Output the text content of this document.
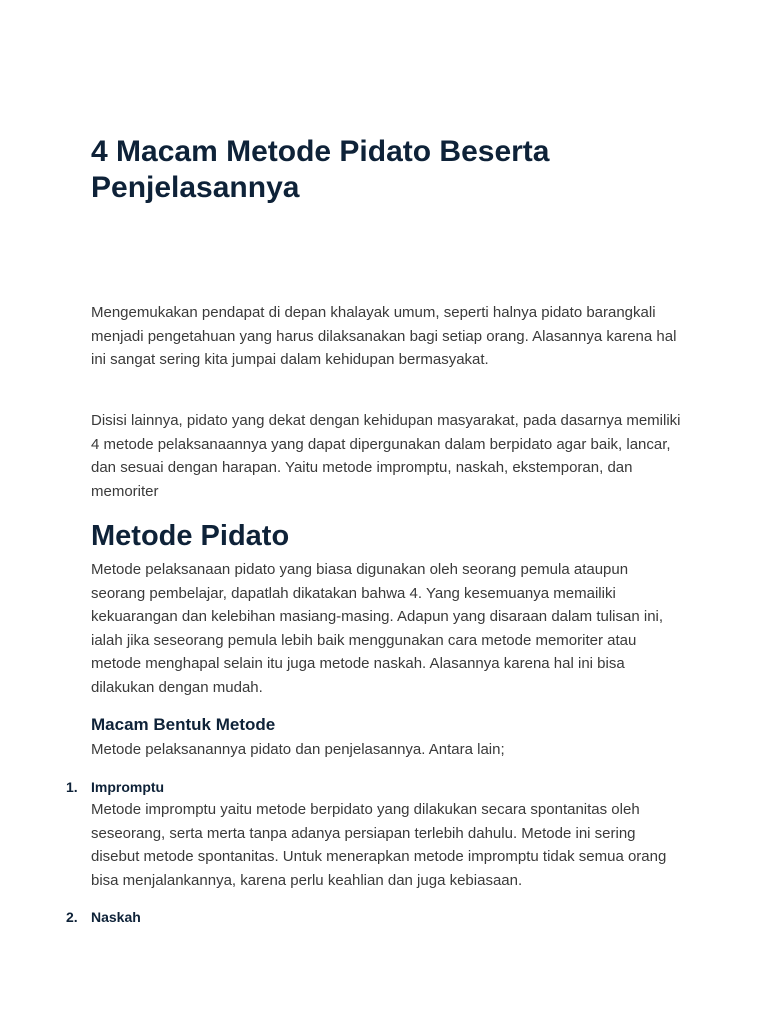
4 Macam Metode Pidato Beserta Penjelasannya

Mengemukakan pendapat di depan khalayak umum, seperti halnya pidato barangkali menjadi pengetahuan yang harus dilaksanakan bagi setiap orang. Alasannya karena hal ini sangat sering kita jumpai dalam kehidupan bermasyakat.

Disisi lainnya, pidato yang dekat dengan kehidupan masyarakat, pada dasarnya memiliki 4 metode pelaksanaannya yang dapat dipergunakan dalam berpidato agar baik, lancar, dan sesuai dengan harapan. Yaitu metode impromptu, naskah, ekstemporan, dan memoriter

Metode Pidato

Metode pelaksanaan pidato yang biasa digunakan oleh seorang pemula ataupun seorang pembelajar, dapatlah dikatakan bahwa 4. Yang kesemuanya memailiki kekuarangan dan kelebihan masiang-masing. Adapun yang disaraan dalam tulisan ini, ialah jika seseorang pemula lebih baik menggunakan cara metode memoriter atau metode menghapal selain itu juga metode naskah. Alasannya karena hal ini bisa dilakukan dengan mudah.

Macam Bentuk Metode

Metode pelaksanannya pidato dan penjelasannya. Antara lain;

1. Impromptu

Metode impromptu yaitu metode berpidato yang dilakukan secara spontanitas oleh seseorang, serta merta tanpa adanya persiapan terlebih dahulu. Metode ini sering disebut metode spontanitas. Untuk menerapkan metode impromptu tidak semua orang bisa menjalankannya, karena perlu keahlian dan juga kebiasaan.

2. Naskah
